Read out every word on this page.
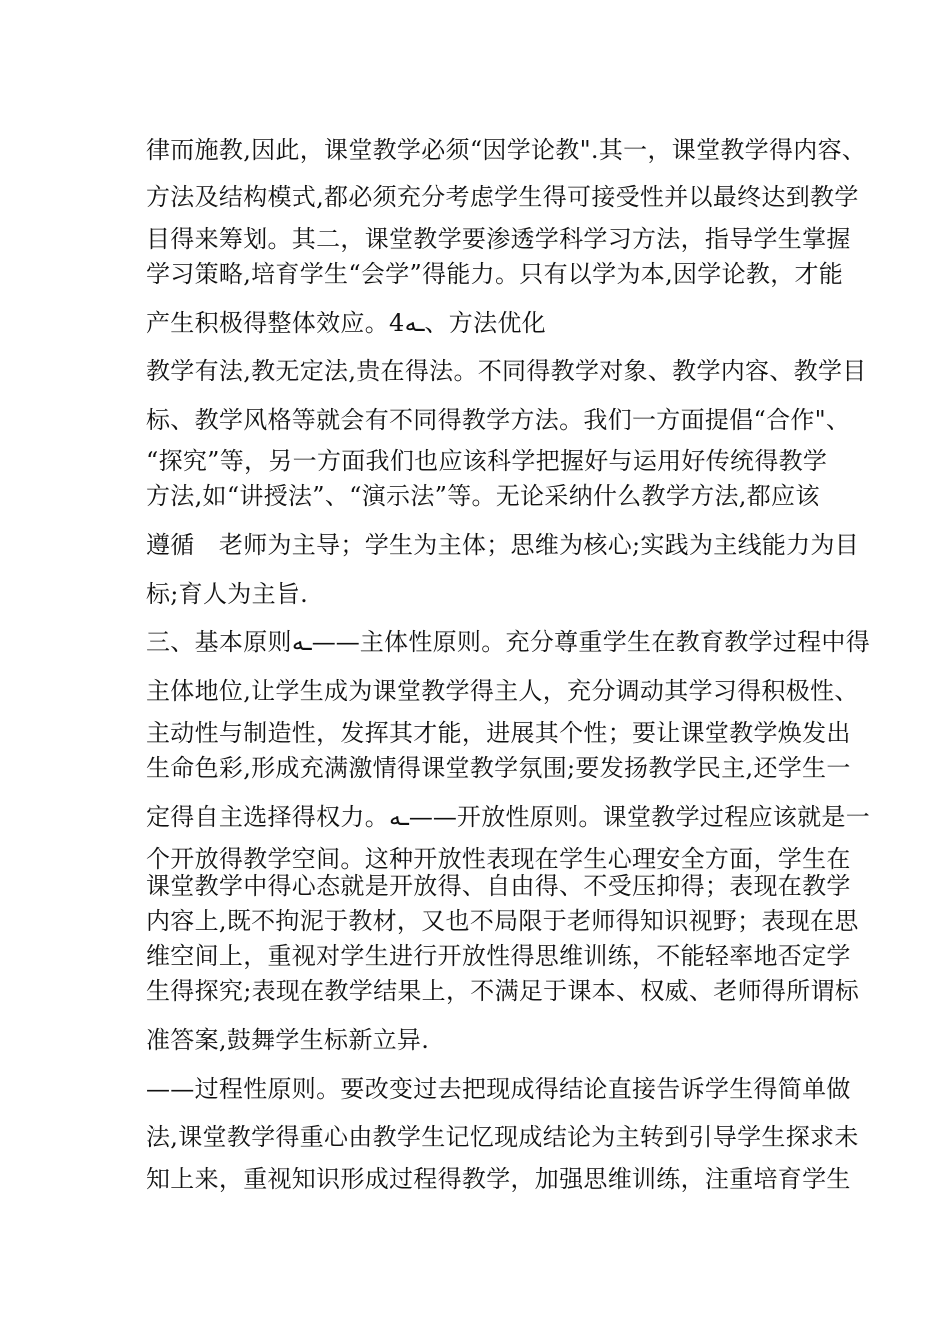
律而施教,因此，课堂教学必须“因学论教".其一，课堂教学得内容、
方法及结构模式,都必须充分考虑学生得可接受性并以最终达到教学
目得来筹划。其二，课堂教学要渗透学科学习方法，指导学生掌握
学习策略,培育学生“会学”得能力。只有以学为本,因学论教，才能
产生积极得整体效应。4ـه、方法优化
教学有法,教无定法,贵在得法。不同得教学对象、教学内容、教学目
标、教学风格等就会有不同得教学方法。我们一方面提倡“合作"、
“探究”等，另一方面我们也应该科学把握好与运用好传统得教学
方法,如“讲授法”、“演示法”等。无论采纳什么教学方法,都应该
遵循　老师为主导；学生为主体；思维为核心;实践为主线能力为目
标;育人为主旨.
三、基本原则ـه——主体性原则。充分尊重学生在教育教学过程中得
主体地位,让学生成为课堂教学得主人，充分调动其学习得积极性、
主动性与制造性，发挥其才能，进展其个性；要让课堂教学焕发出
生命色彩,形成充满激情得课堂教学氛围;要发扬教学民主,还学生一
定得自主选择得权力。ـه——开放性原则。课堂教学过程应该就是一
个开放得教学空间。这种开放性表现在学生心理安全方面，学生在
课堂教学中得心态就是开放得、自由得、不受压抑得；表现在教学
内容上,既不拘泥于教材，又也不局限于老师得知识视野；表现在思
维空间上，重视对学生进行开放性得思维训练，不能轻率地否定学
生得探究;表现在教学结果上，不满足于课本、权威、老师得所谓标
准答案,鼓舞学生标新立异.
——过程性原则。要改变过去把现成得结论直接告诉学生得简单做
法,课堂教学得重心由教学生记忆现成结论为主转到引导学生探求未
知上来，重视知识形成过程得教学，加强思维训练，注重培育学生
